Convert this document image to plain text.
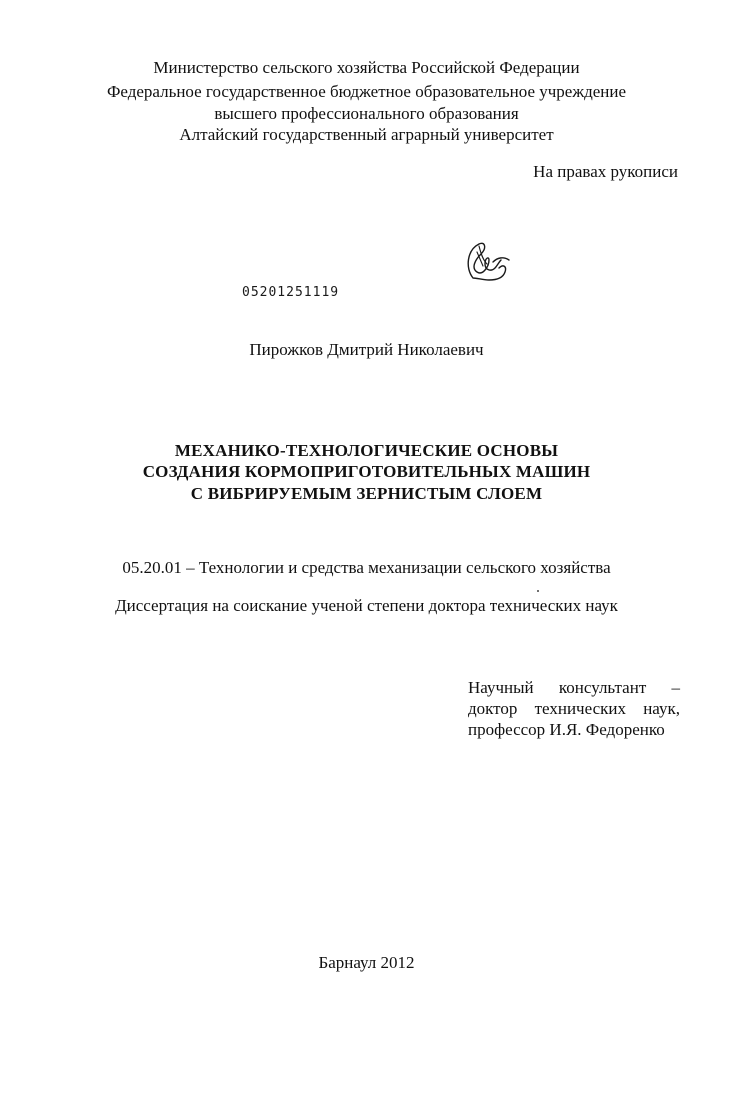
Министерство сельского хозяйства Российской Федерации
Федеральное государственное бюджетное образовательное учреждение
высшего профессионального образования
Алтайский государственный аграрный университет
На правах рукописи
05201251119
Пирожков Дмитрий Николаевич
МЕХАНИКО-ТЕХНОЛОГИЧЕСКИЕ ОСНОВЫ
СОЗДАНИЯ КОРМОПРИГОТОВИТЕЛЬНЫХ МАШИН
С ВИБРИРУЕМЫМ ЗЕРНИСТЫМ СЛОЕМ
05.20.01 – Технологии и средства механизации сельского хозяйства
Диссертация на соискание ученой степени доктора технических наук
Научный консультант –
доктор технических наук,
профессор И.Я. Федоренко
Барнаул 2012
